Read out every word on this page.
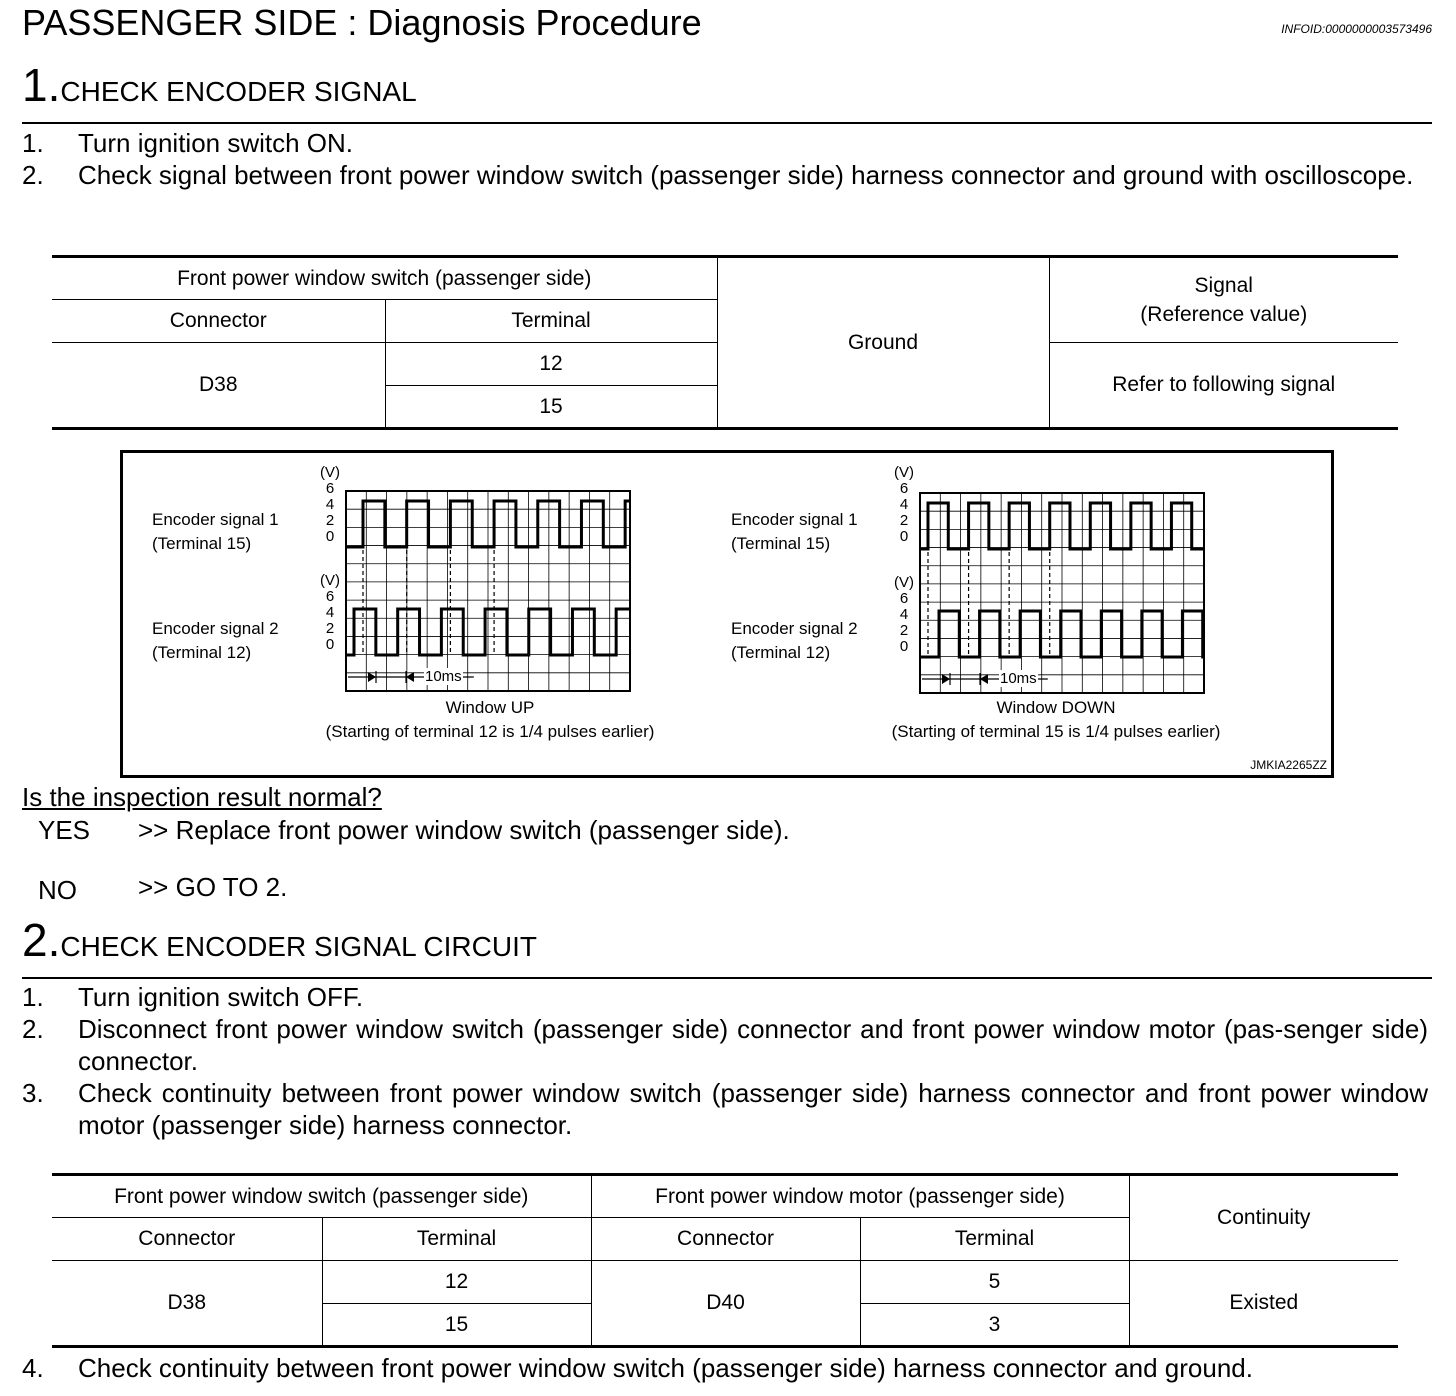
PASSENGER SIDE : Diagnosis Procedure	INFOID:0000000003573496
1.CHECK ENCODER SIGNAL
1.	Turn ignition switch ON.
2.	Check signal between front power window switch (passenger side) harness connector and ground with oscilloscope.
Front power window switch (passenger side)		Ground	Signal
(Reference value)
Connector	Terminal		
D38	12		Refer to following signal
	15		
Encoder signal 1
(Terminal 15)
Encoder signal 2
(Terminal 12)
Encoder signal 1
(Terminal 15)
Encoder signal 2
(Terminal 12)
(V)
6
4
2
0
(V)
6
4
2
0
(V)
6
4
2
0
(V)
6
4
2
0
10ms	10ms
Window UP
(Starting of terminal 12 is 1/4 pulses earlier)
Window DOWN
(Starting of terminal 15 is 1/4 pulses earlier)
JMKIA2265ZZ
Is the inspection result normal?
YES >> Replace front power window switch (passenger side).
NO >> GO TO 2.
2.CHECK ENCODER SIGNAL CIRCUIT
1.	Turn ignition switch OFF.
2.	Disconnect front power window switch (passenger side) connector and front power window motor (pas-senger side) connector.
3.	Check continuity between front power window switch (passenger side) harness connector and front power window motor (passenger side) harness connector.
Front power window switch (passenger side)		Front power window motor (passenger side)		Continuity
Connector	Terminal	Connector	Terminal	
D38	12	D40	5	Existed
	15		3	
4.	Check continuity between front power window switch (passenger side) harness connector and ground.
